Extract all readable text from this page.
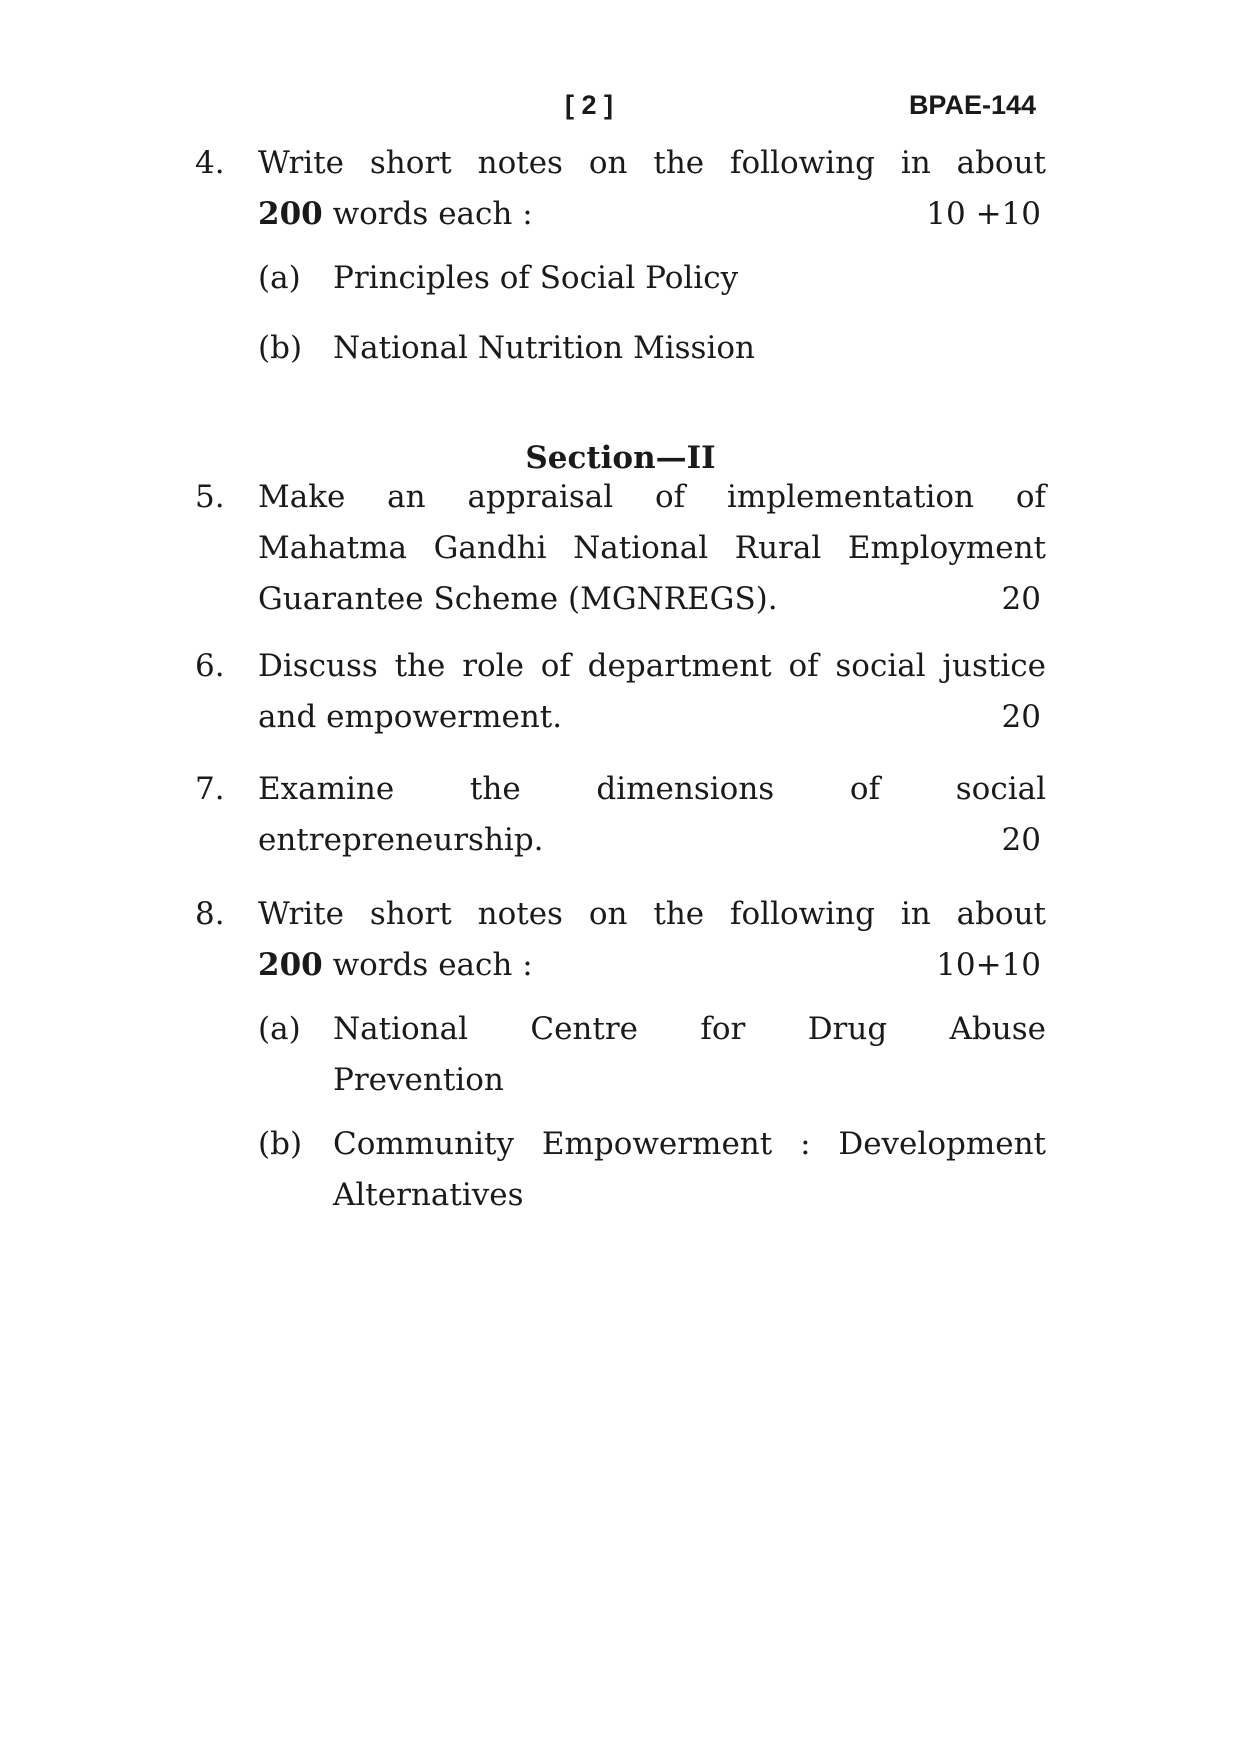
[ 2 ]	BPAE-144
4. Write short notes on the following in about
200 words each :	10 +10
(a) Principles of Social Policy
(b) National Nutrition Mission
Section—II
5. Make an appraisal of implementation of
Mahatma Gandhi National Rural Employment
Guarantee Scheme (MGNREGS).	20
6. Discuss the role of department of social justice
and empowerment.	20
7. Examine the dimensions of social
entrepreneurship.	20
8. Write short notes on the following in about
200 words each :	10+10
(a) National Centre for Drug Abuse
Prevention
(b) Community Empowerment : Development
Alternatives
